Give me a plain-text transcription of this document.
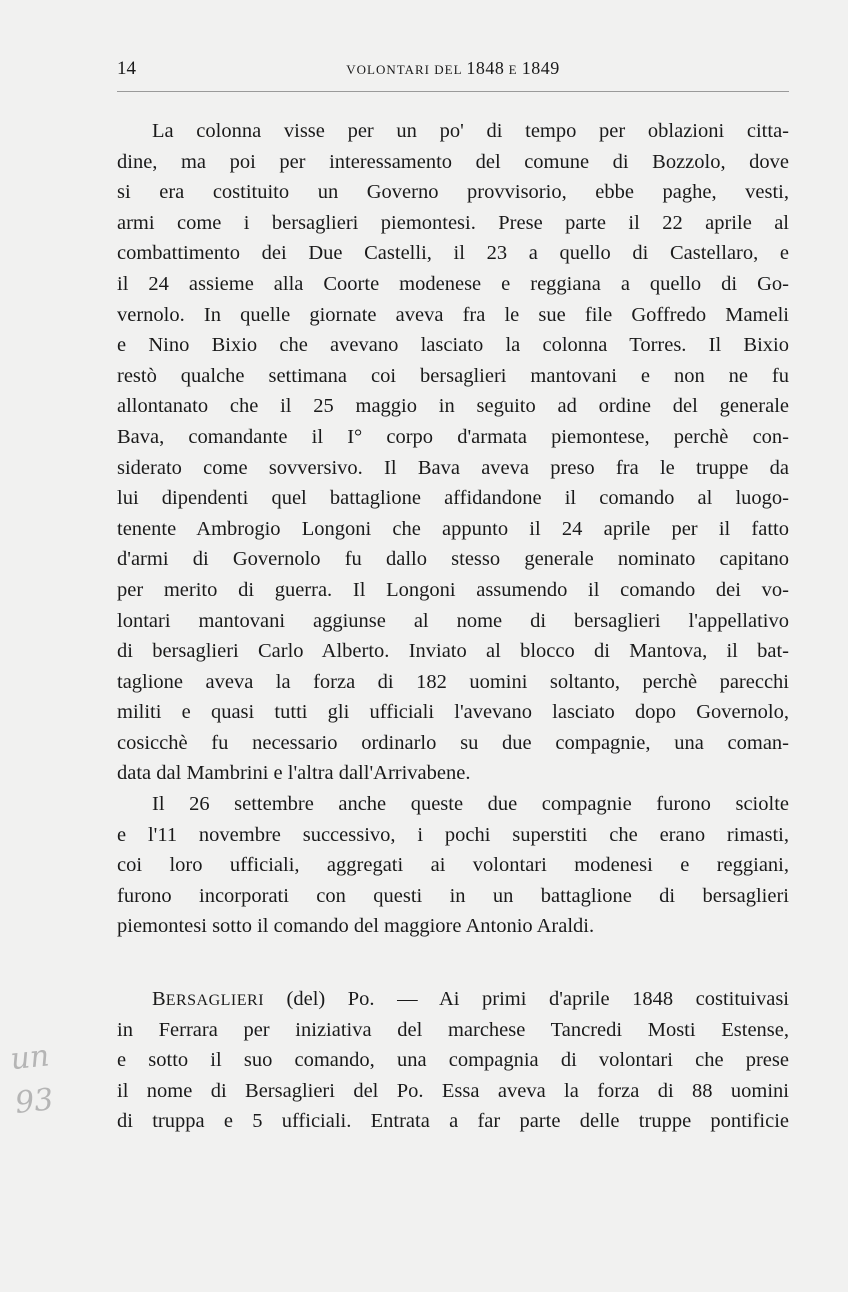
14	VOLONTARI DEL 1848 E 1849
La colonna visse per un po' di tempo per oblazioni citta-
dine, ma poi per interessamento del comune di Bozzolo, dove
si era costituito un Governo provvisorio, ebbe paghe, vesti,
armi come i bersaglieri piemontesi. Prese parte il 22 aprile al
combattimento dei Due Castelli, il 23 a quello di Castellaro, e
il 24 assieme alla Coorte modenese e reggiana a quello di Go-
vernolo. In quelle giornate aveva fra le sue file Goffredo Mameli
e Nino Bixio che avevano lasciato la colonna Torres. Il Bixio
restò qualche settimana coi bersaglieri mantovani e non ne fu
allontanato che il 25 maggio in seguito ad ordine del generale
Bava, comandante il I° corpo d'armata piemontese, perchè con-
siderato come sovversivo. Il Bava aveva preso fra le truppe da
lui dipendenti quel battaglione affidandone il comando al luogo-
tenente Ambrogio Longoni che appunto il 24 aprile per il fatto
d'armi di Governolo fu dallo stesso generale nominato capitano
per merito di guerra. Il Longoni assumendo il comando dei vo-
lontari mantovani aggiunse al nome di bersaglieri l'appellativo
di bersaglieri Carlo Alberto. Inviato al blocco di Mantova, il bat-
taglione aveva la forza di 182 uomini soltanto, perchè parecchi
militi e quasi tutti gli ufficiali l'avevano lasciato dopo Governolo,
cosicchè fu necessario ordinarlo su due compagnie, una coman-
data dal Mambrini e l'altra dall'Arrivabene.
Il 26 settembre anche queste due compagnie furono sciolte
e l'11 novembre successivo, i pochi superstiti che erano rimasti,
coi loro ufficiali, aggregati ai volontari modenesi e reggiani,
furono incorporati con questi in un battaglione di bersaglieri
piemontesi sotto il comando del maggiore Antonio Araldi.
BERSAGLIERI (del) Po. — Ai primi d'aprile 1848 costituivasi
in Ferrara per iniziativa del marchese Tancredi Mosti Estense,
e sotto il suo comando, una compagnia di volontari che prese
il nome di Bersaglieri del Po. Essa aveva la forza di 88 uomini
di truppa e 5 ufficiali. Entrata a far parte delle truppe pontificie
un
93
